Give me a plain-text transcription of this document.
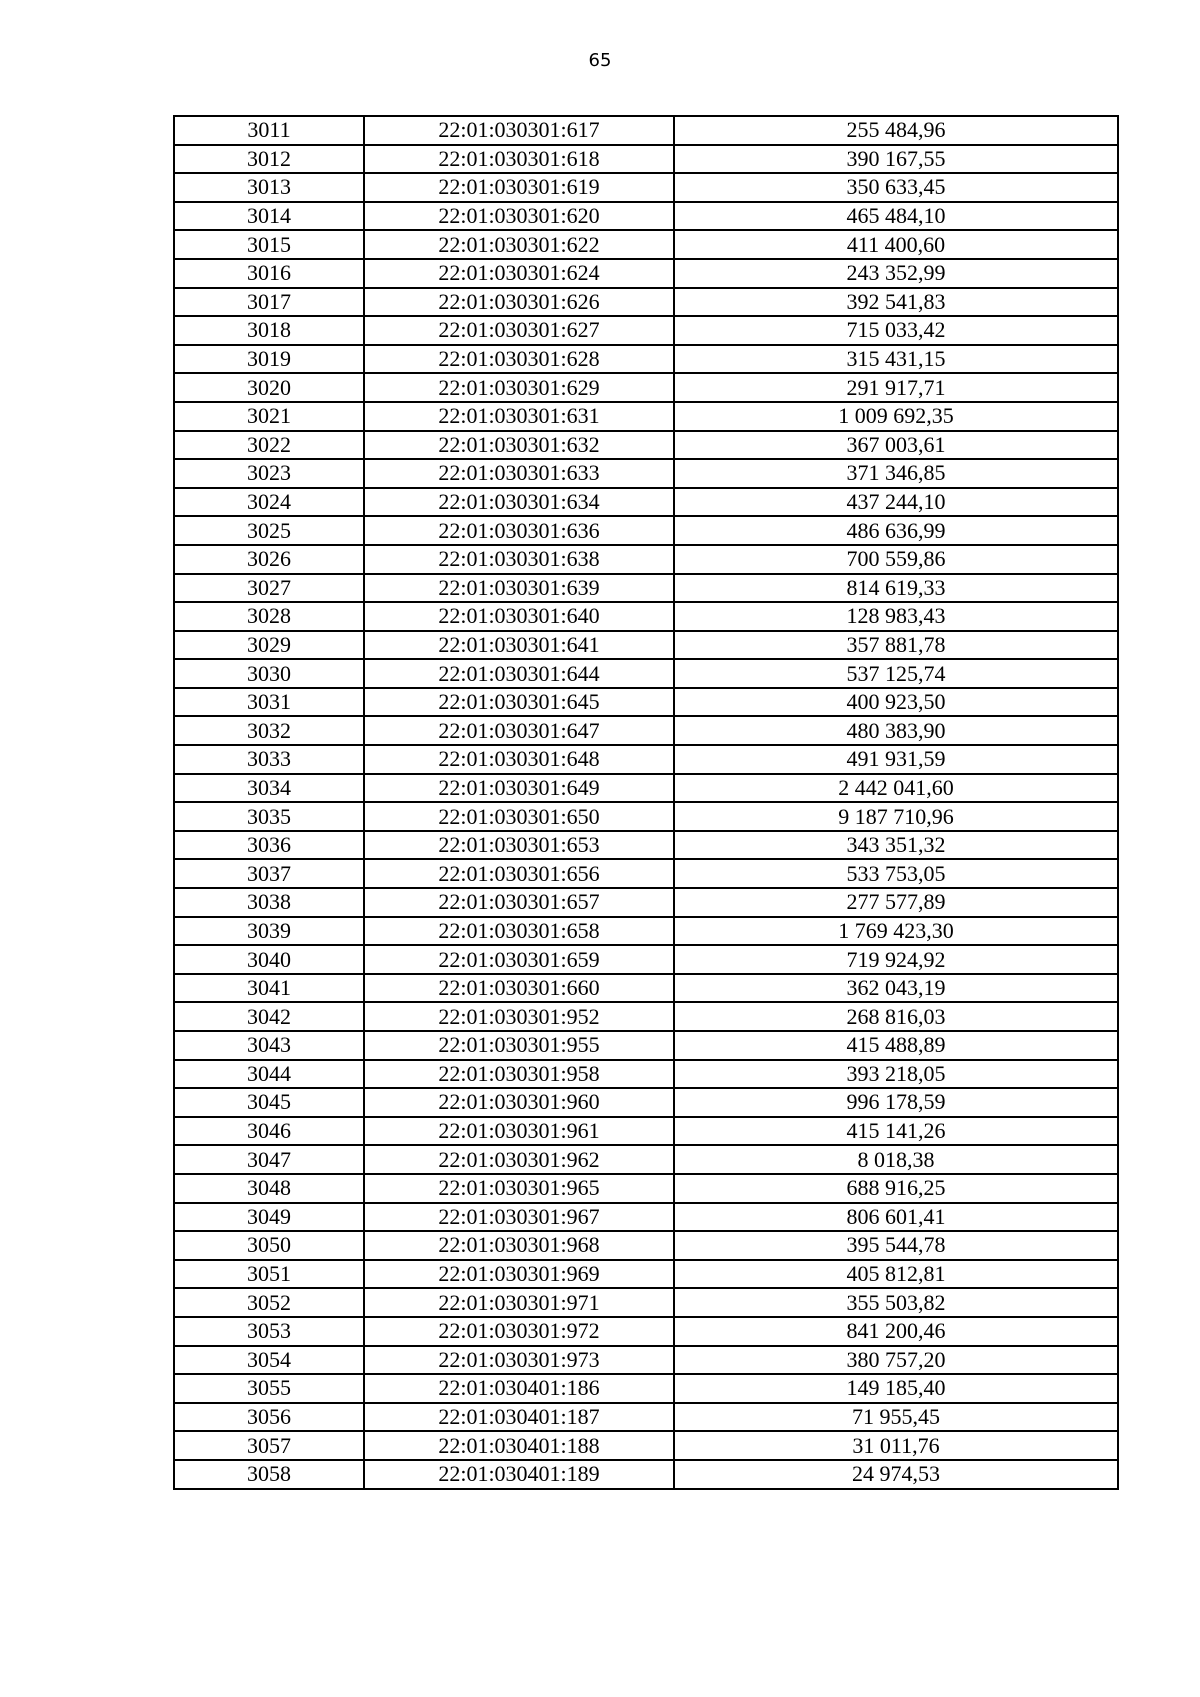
65
3011	22:01:030301:617	255 484,96
3012	22:01:030301:618	390 167,55
3013	22:01:030301:619	350 633,45
3014	22:01:030301:620	465 484,10
3015	22:01:030301:622	411 400,60
3016	22:01:030301:624	243 352,99
3017	22:01:030301:626	392 541,83
3018	22:01:030301:627	715 033,42
3019	22:01:030301:628	315 431,15
3020	22:01:030301:629	291 917,71
3021	22:01:030301:631	1 009 692,35
3022	22:01:030301:632	367 003,61
3023	22:01:030301:633	371 346,85
3024	22:01:030301:634	437 244,10
3025	22:01:030301:636	486 636,99
3026	22:01:030301:638	700 559,86
3027	22:01:030301:639	814 619,33
3028	22:01:030301:640	128 983,43
3029	22:01:030301:641	357 881,78
3030	22:01:030301:644	537 125,74
3031	22:01:030301:645	400 923,50
3032	22:01:030301:647	480 383,90
3033	22:01:030301:648	491 931,59
3034	22:01:030301:649	2 442 041,60
3035	22:01:030301:650	9 187 710,96
3036	22:01:030301:653	343 351,32
3037	22:01:030301:656	533 753,05
3038	22:01:030301:657	277 577,89
3039	22:01:030301:658	1 769 423,30
3040	22:01:030301:659	719 924,92
3041	22:01:030301:660	362 043,19
3042	22:01:030301:952	268 816,03
3043	22:01:030301:955	415 488,89
3044	22:01:030301:958	393 218,05
3045	22:01:030301:960	996 178,59
3046	22:01:030301:961	415 141,26
3047	22:01:030301:962	8 018,38
3048	22:01:030301:965	688 916,25
3049	22:01:030301:967	806 601,41
3050	22:01:030301:968	395 544,78
3051	22:01:030301:969	405 812,81
3052	22:01:030301:971	355 503,82
3053	22:01:030301:972	841 200,46
3054	22:01:030301:973	380 757,20
3055	22:01:030401:186	149 185,40
3056	22:01:030401:187	71 955,45
3057	22:01:030401:188	31 011,76
3058	22:01:030401:189	24 974,53
